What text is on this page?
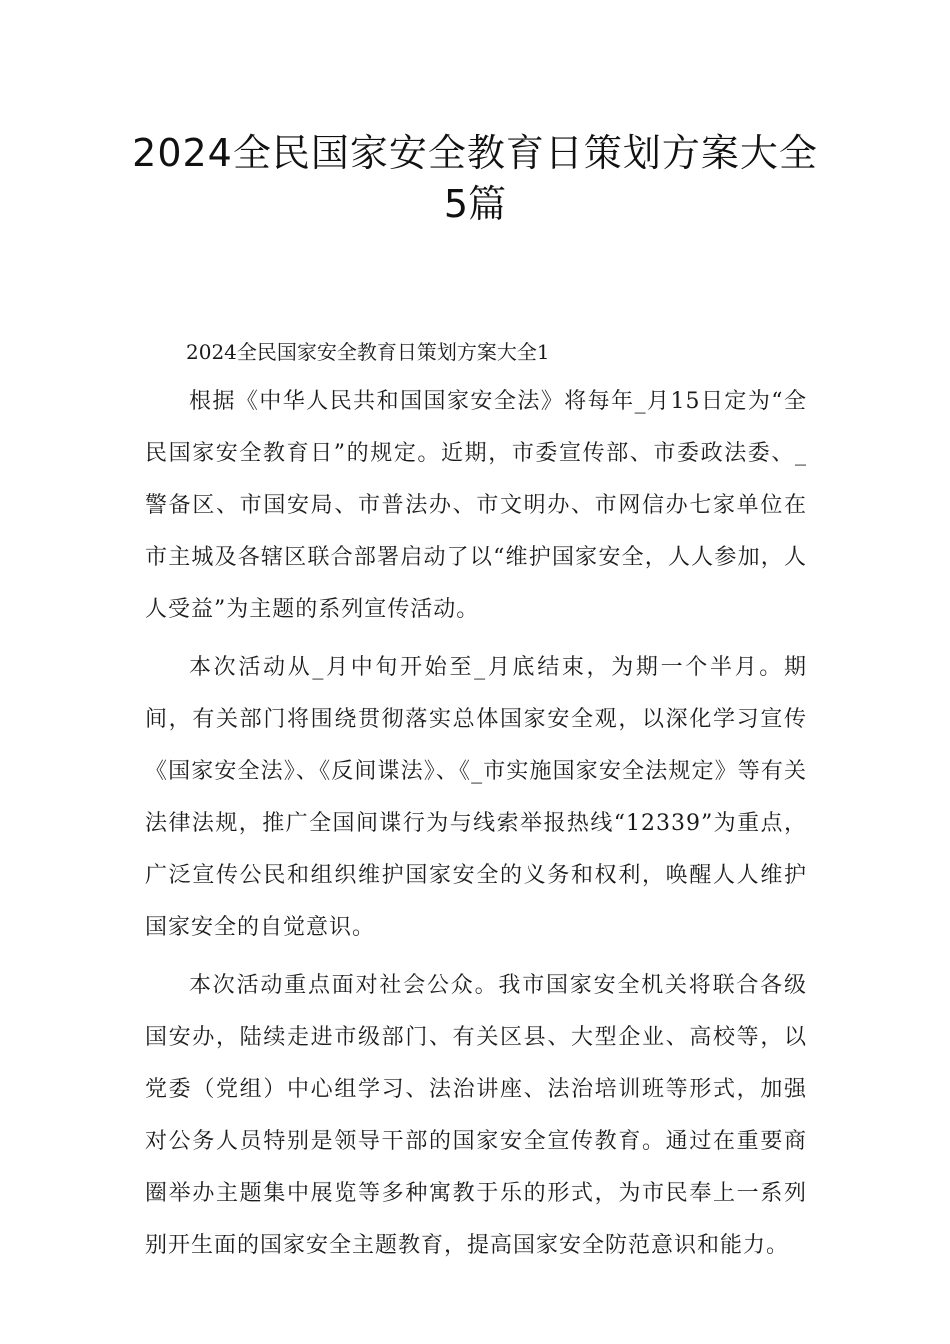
2024全民国家安全教育日策划方案大全
5篇
2024全民国家安全教育日策划方案大全1

根据《中华人民共和国国家安全法》将每年_月15日定为“全民国家安全教育日”的规定。近期，市委宣传部、市委政法委、_警备区、市国安局、市普法办、市文明办、市网信办七家单位在市主城及各辖区联合部署启动了以“维护国家安全，人人参加，人人受益”为主题的系列宣传活动。

本次活动从_月中旬开始至_月底结束，为期一个半月。期间，有关部门将围绕贯彻落实总体国家安全观，以深化学习宣传《国家安全法》、《反间谍法》、《_市实施国家安全法规定》等有关法律法规，推广全国间谍行为与线索举报热线“12339”为重点，广泛宣传公民和组织维护国家安全的义务和权利，唤醒人人维护国家安全的自觉意识。

本次活动重点面对社会公众。我市国家安全机关将联合各级国安办，陆续走进市级部门、有关区县、大型企业、高校等，以党委（党组）中心组学习、法治讲座、法治培训班等形式，加强对公务人员特别是领导干部的国家安全宣传教育。通过在重要商圈举办主题集中展览等多种寓教于乐的形式，为市民奉上一系列别开生面的国家安全主题教育，提高国家安全防范意识和能力。
